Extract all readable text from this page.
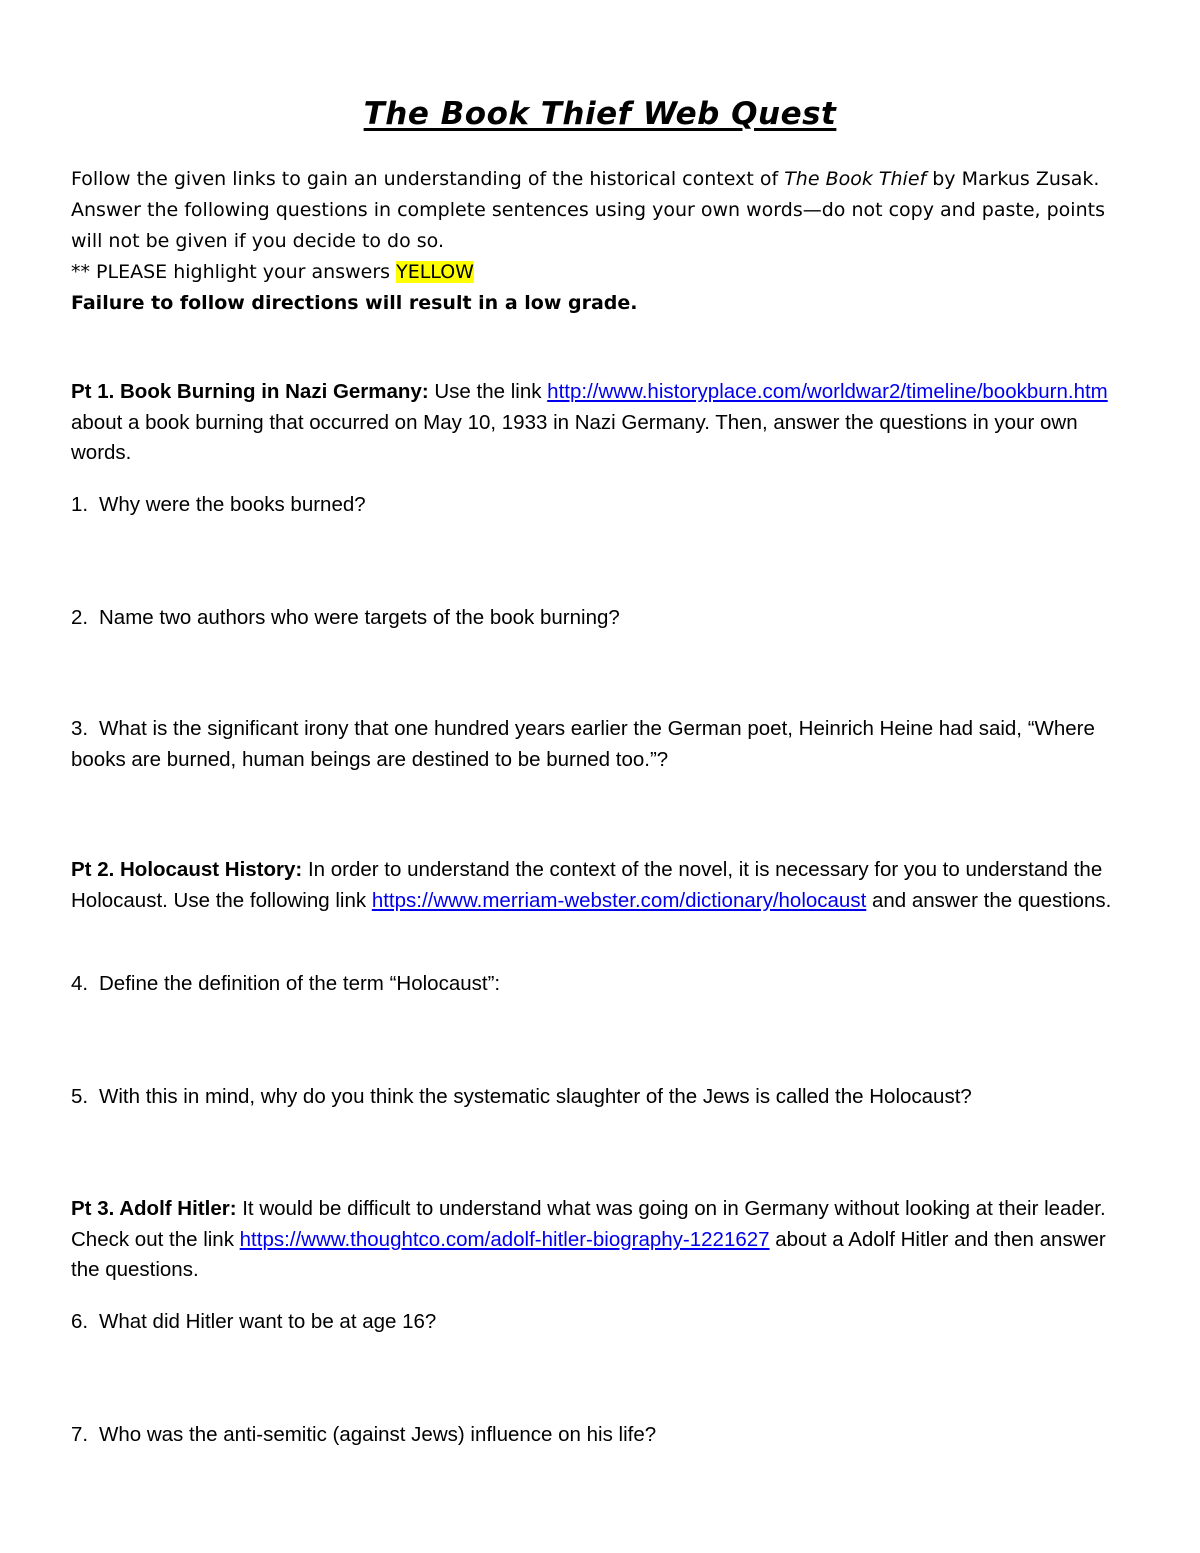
The Book Thief Web Quest

Follow the given links to gain an understanding of the historical context of The Book Thief by Markus Zusak.

Answer the following questions in complete sentences using your own words—do not copy and paste, points will not be given if you decide to do so.

** PLEASE highlight your answers YELLOW

Failure to follow directions will result in a low grade.

Pt 1. Book Burning in Nazi Germany: Use the link http://www.historyplace.com/worldwar2/timeline/bookburn.htm about a book burning that occurred on May 10, 1933 in Nazi Germany. Then, answer the questions in your own words.

1. Why were the books burned?
2. Name two authors who were targets of the book burning?
3. What is the significant irony that one hundred years earlier the German poet, Heinrich Heine had said, “Where books are burned, human beings are destined to be burned too.”?

Pt 2. Holocaust History: In order to understand the context of the novel, it is necessary for you to understand the Holocaust. Use the following link https://www.merriam-webster.com/dictionary/holocaust and answer the questions.

4. Define the definition of the term “Holocaust”:
5. With this in mind, why do you think the systematic slaughter of the Jews is called the Holocaust?

Pt 3. Adolf Hitler: It would be difficult to understand what was going on in Germany without looking at their leader. Check out the link https://www.thoughtco.com/adolf-hitler-biography-1221627 about a Adolf Hitler and then answer the questions.

6. What did Hitler want to be at age 16?
7. Who was the anti-semitic (against Jews) influence on his life?
